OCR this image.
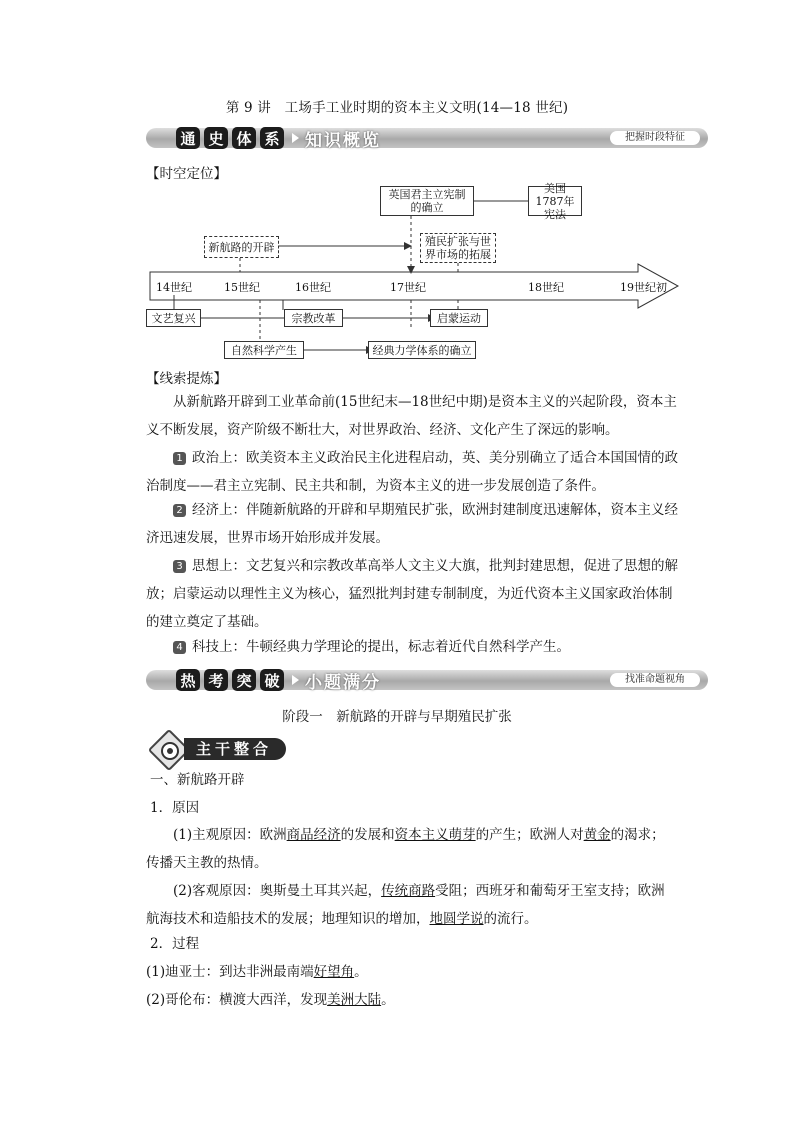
第 9 讲　工场手工业时期的资本主义文明(14—18 世纪)
通 史 体 系 知识概览	把握时段特征
【时空定位】
14世纪	15世纪	16世纪	17世纪	18世纪	19世纪初
英国君主立宪制的确立
美国1787年宪法
新航路的开辟	殖民扩张与世界市场的拓展
文艺复兴	宗教改革	启蒙运动
自然科学产生	经典力学体系的确立
【线索提炼】
从新航路开辟到工业革命前(15世纪末—18世纪中期)是资本主义的兴起阶段，资本主义不断发展，资产阶级不断壮大，对世界政治、经济、文化产生了深远的影响。
1 政治上：欧美资本主义政治民主化进程启动，英、美分别确立了适合本国国情的政治制度——君主立宪制、民主共和制，为资本主义的进一步发展创造了条件。
2 经济上：伴随新航路的开辟和早期殖民扩张，欧洲封建制度迅速解体，资本主义经济迅速发展，世界市场开始形成并发展。
3 思想上：文艺复兴和宗教改革高举人文主义大旗，批判封建思想，促进了思想的解放；启蒙运动以理性主义为核心，猛烈批判封建专制制度，为近代资本主义国家政治体制的建立奠定了基础。
4 科技上：牛顿经典力学理论的提出，标志着近代自然科学产生。
热 考 突 破 小题满分	找准命题视角
阶段一　新航路的开辟与早期殖民扩张
主干整合
一、新航路开辟
1．原因
(1)主观原因：欧洲商品经济的发展和资本主义萌芽的产生；欧洲人对黄金的渴求；传播天主教的热情。
(2)客观原因：奥斯曼土耳其兴起，传统商路受阻；西班牙和葡萄牙王室支持；欧洲航海技术和造船技术的发展；地理知识的增加，地圆学说的流行。
2．过程
(1)迪亚士：到达非洲最南端好望角。
(2)哥伦布：横渡大西洋，发现美洲大陆。
